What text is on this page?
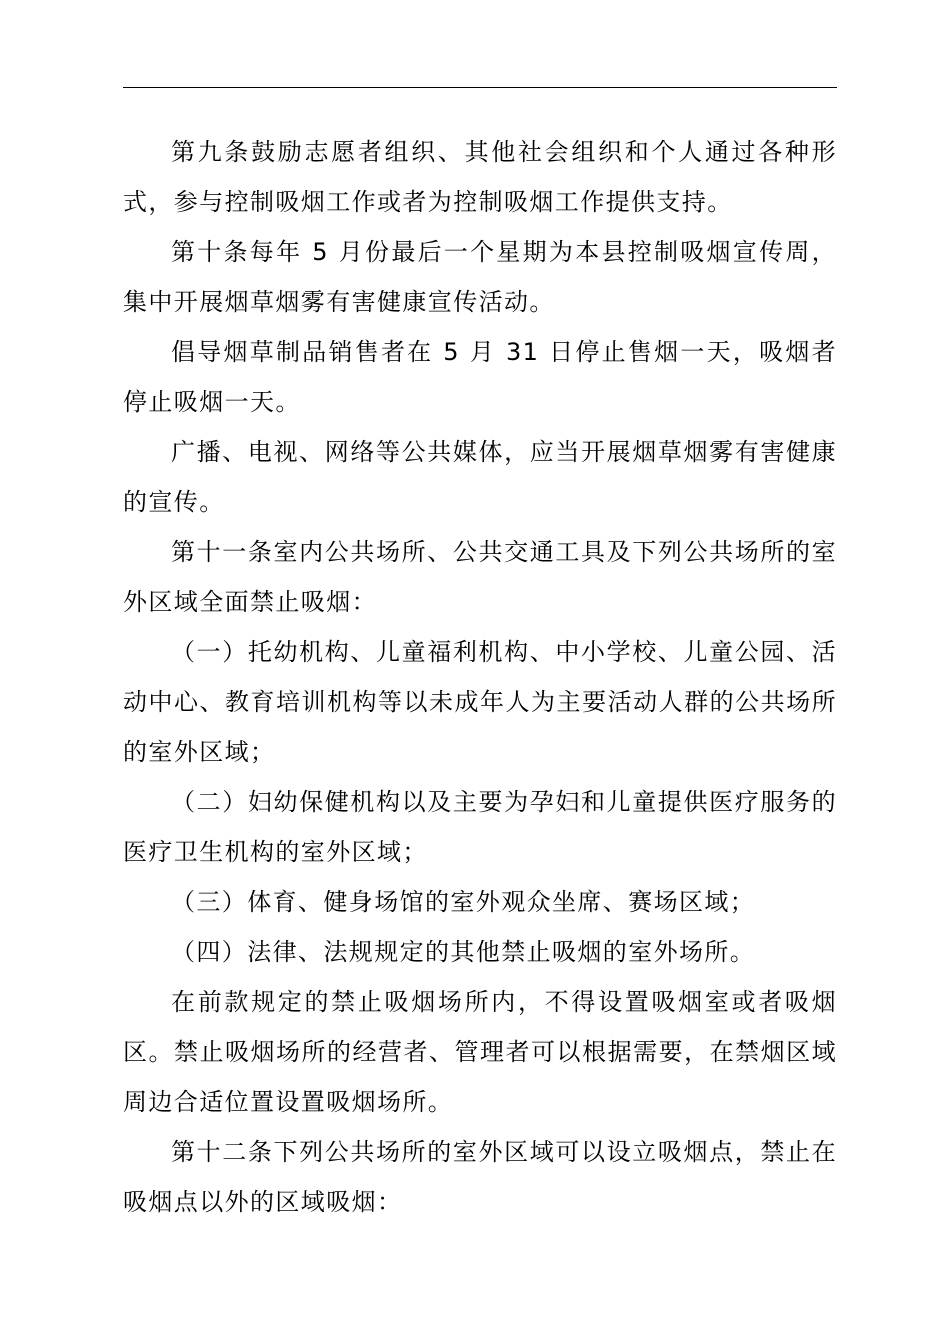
第九条鼓励志愿者组织、其他社会组织和个人通过各种形式，参与控制吸烟工作或者为控制吸烟工作提供支持。

第十条每年 5 月份最后一个星期为本县控制吸烟宣传周，集中开展烟草烟雾有害健康宣传活动。

倡导烟草制品销售者在 5 月 31 日停止售烟一天，吸烟者停止吸烟一天。

广播、电视、网络等公共媒体，应当开展烟草烟雾有害健康的宣传。

第十一条室内公共场所、公共交通工具及下列公共场所的室外区域全面禁止吸烟：

（一）托幼机构、儿童福利机构、中小学校、儿童公园、活动中心、教育培训机构等以未成年人为主要活动人群的公共场所的室外区域；

（二）妇幼保健机构以及主要为孕妇和儿童提供医疗服务的医疗卫生机构的室外区域；

（三）体育、健身场馆的室外观众坐席、赛场区域；

（四）法律、法规规定的其他禁止吸烟的室外场所。

在前款规定的禁止吸烟场所内，不得设置吸烟室或者吸烟区。禁止吸烟场所的经营者、管理者可以根据需要，在禁烟区域周边合适位置设置吸烟场所。

第十二条下列公共场所的室外区域可以设立吸烟点，禁止在吸烟点以外的区域吸烟：
